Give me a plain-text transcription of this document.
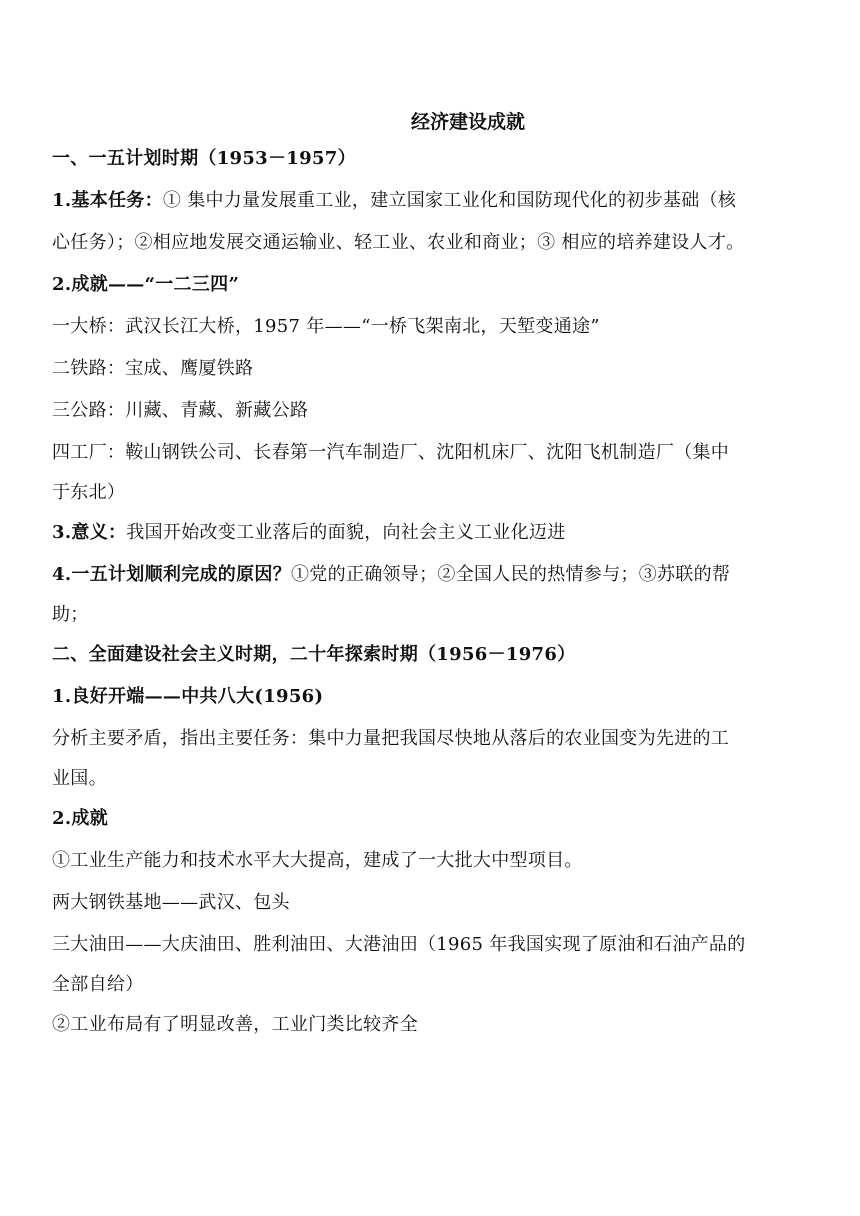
经济建设成就
一、一五计划时期（1953－1957）
1.基本任务：① 集中力量发展重工业，建立国家工业化和国防现代化的初步基础（核
心任务）；②相应地发展交通运输业、轻工业、农业和商业；③ 相应的培养建设人才。
2.成就——“一二三四”
一大桥：武汉长江大桥，1957 年——“一桥飞架南北，天堑变通途”
二铁路：宝成、鹰厦铁路
三公路：川藏、青藏、新藏公路
四工厂：鞍山钢铁公司、长春第一汽车制造厂、沈阳机床厂、沈阳飞机制造厂（集中
于东北）
3.意义：我国开始改变工业落后的面貌，向社会主义工业化迈进
4.一五计划顺利完成的原因？①党的正确领导；②全国人民的热情参与；③苏联的帮
助；
二、全面建设社会主义时期，二十年探索时期（1956－1976）
1.良好开端——中共八大(1956)
分析主要矛盾，指出主要任务：集中力量把我国尽快地从落后的农业国变为先进的工
业国。
2.成就
①工业生产能力和技术水平大大提高，建成了一大批大中型项目。
两大钢铁基地——武汉、包头
三大油田——大庆油田、胜利油田、大港油田（1965 年我国实现了原油和石油产品的
全部自给）
②工业布局有了明显改善，工业门类比较齐全
